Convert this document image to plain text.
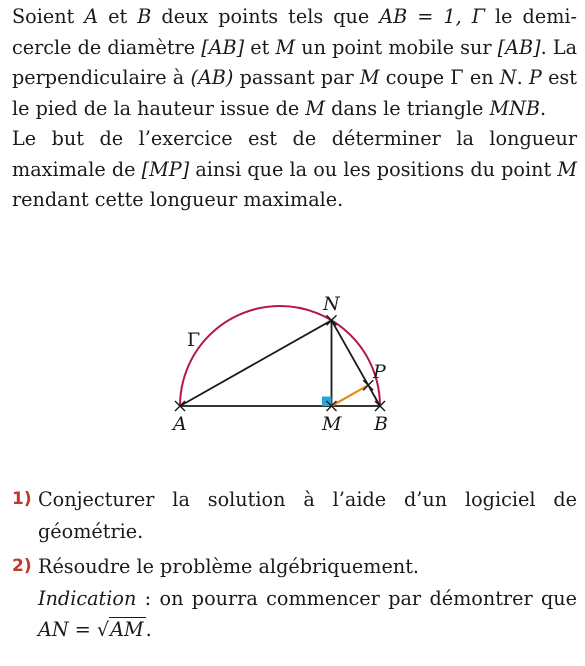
Soient A et B deux points tels que AB = 1, Γ le demi-cercle de diamètre [AB] et M un point mobile sur [AB]. La perpendiculaire à (AB) passant par M coupe Γ en N. P est le pied de la hauteur issue de M dans le triangle MNB.

Le but de l’exercice est de déterminer la longueur maximale de [MP] ainsi que la ou les positions du point M rendant cette longueur maximale.

A	M B
N
P
Γ
1) Conjecturer la solution à l’aide d’un logiciel de géométrie.
2) Résoudre le problème algébriquement.
Indication : on pourra commencer par démontrer que AN = √AM .
